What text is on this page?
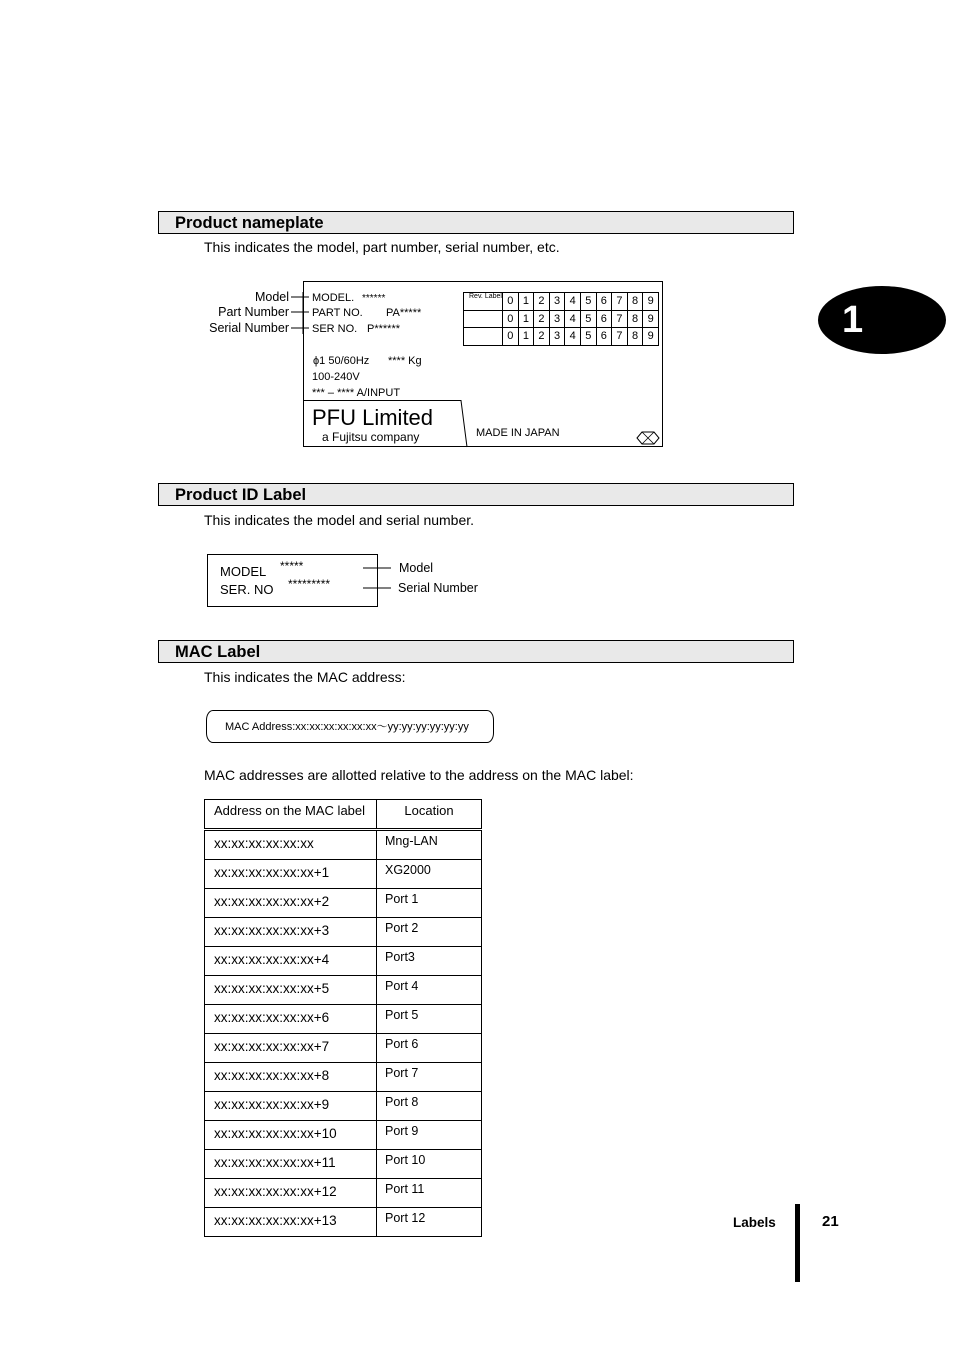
1
Product nameplate
This indicates the model, part number, serial number, etc.
Model
Part Number
Serial Number
MODEL. ******
PART NO. PA*****
SER NO. P******
ϕ1 50/60Hz **** Kg
100-240V
*** – **** A/INPUT
Rev. Label	0	1	2	3	4	5	6	7	8	9
	0	1	2	3	4	5	6	7	8	9
	0	1	2	3	4	5	6	7	8	9
PFU Limited
a Fujitsu company	MADE IN JAPAN
Product ID Label
This indicates the model and serial number.
MODEL *****
SER. NO *********
Model
Serial Number
MAC Label
This indicates the MAC address:
MAC Address:xx:xx:xx:xx:xx:xx〜yy:yy:yy:yy:yy:yy
MAC addresses are allotted relative to the address on the MAC label:
Address on the MAC label	Location
xx:xx:xx:xx:xx:xx	Mng-LAN
xx:xx:xx:xx:xx:xx+1	XG2000
xx:xx:xx:xx:xx:xx+2	Port 1
xx:xx:xx:xx:xx:xx+3	Port 2
xx:xx:xx:xx:xx:xx+4	Port3
xx:xx:xx:xx:xx:xx+5	Port 4
xx:xx:xx:xx:xx:xx+6	Port 5
xx:xx:xx:xx:xx:xx+7	Port 6
xx:xx:xx:xx:xx:xx+8	Port 7
xx:xx:xx:xx:xx:xx+9	Port 8
xx:xx:xx:xx:xx:xx+10	Port 9
xx:xx:xx:xx:xx:xx+11	Port 10
xx:xx:xx:xx:xx:xx+12	Port 11
xx:xx:xx:xx:xx:xx+13	Port 12	Labels	21
